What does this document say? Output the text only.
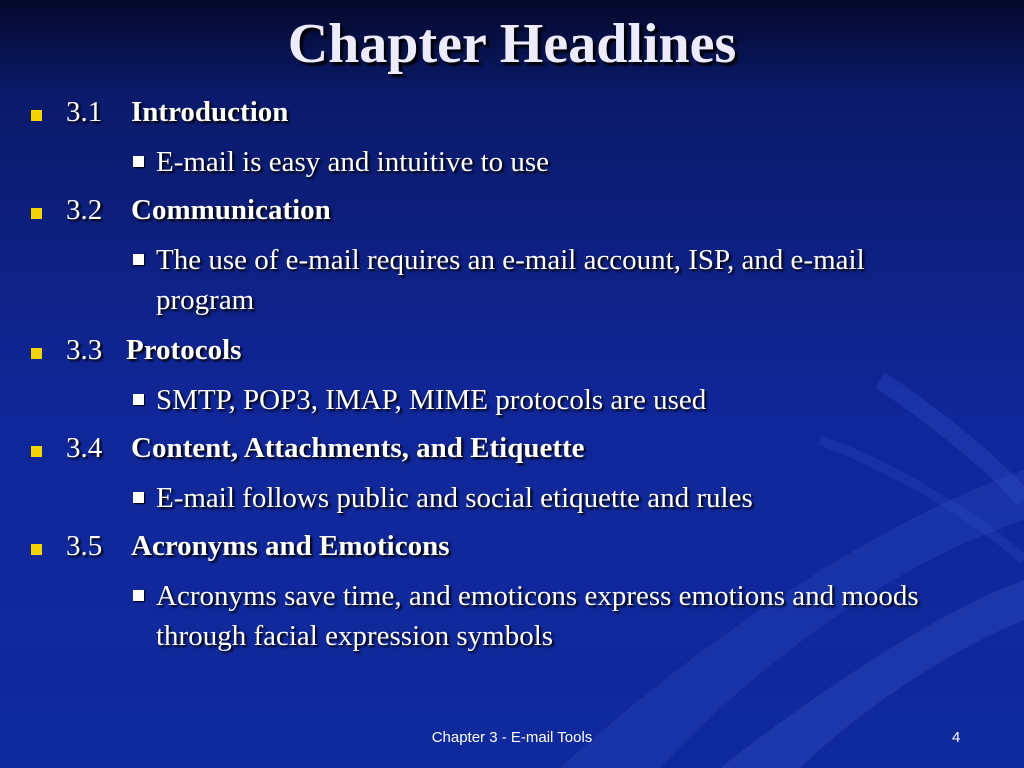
Chapter Headlines
3.1 Introduction
E-mail is easy and intuitive to use
3.2 Communication
The use of e-mail requires an e-mail account, ISP, and e-mail program
3.3 Protocols
SMTP, POP3, IMAP, MIME protocols are used
3.4 Content, Attachments, and Etiquette
E-mail follows public and social etiquette and rules
3.5 Acronyms and Emoticons
Acronyms save time, and emoticons express emotions and moods through facial expression symbols
Chapter 3 - E-mail Tools	4
